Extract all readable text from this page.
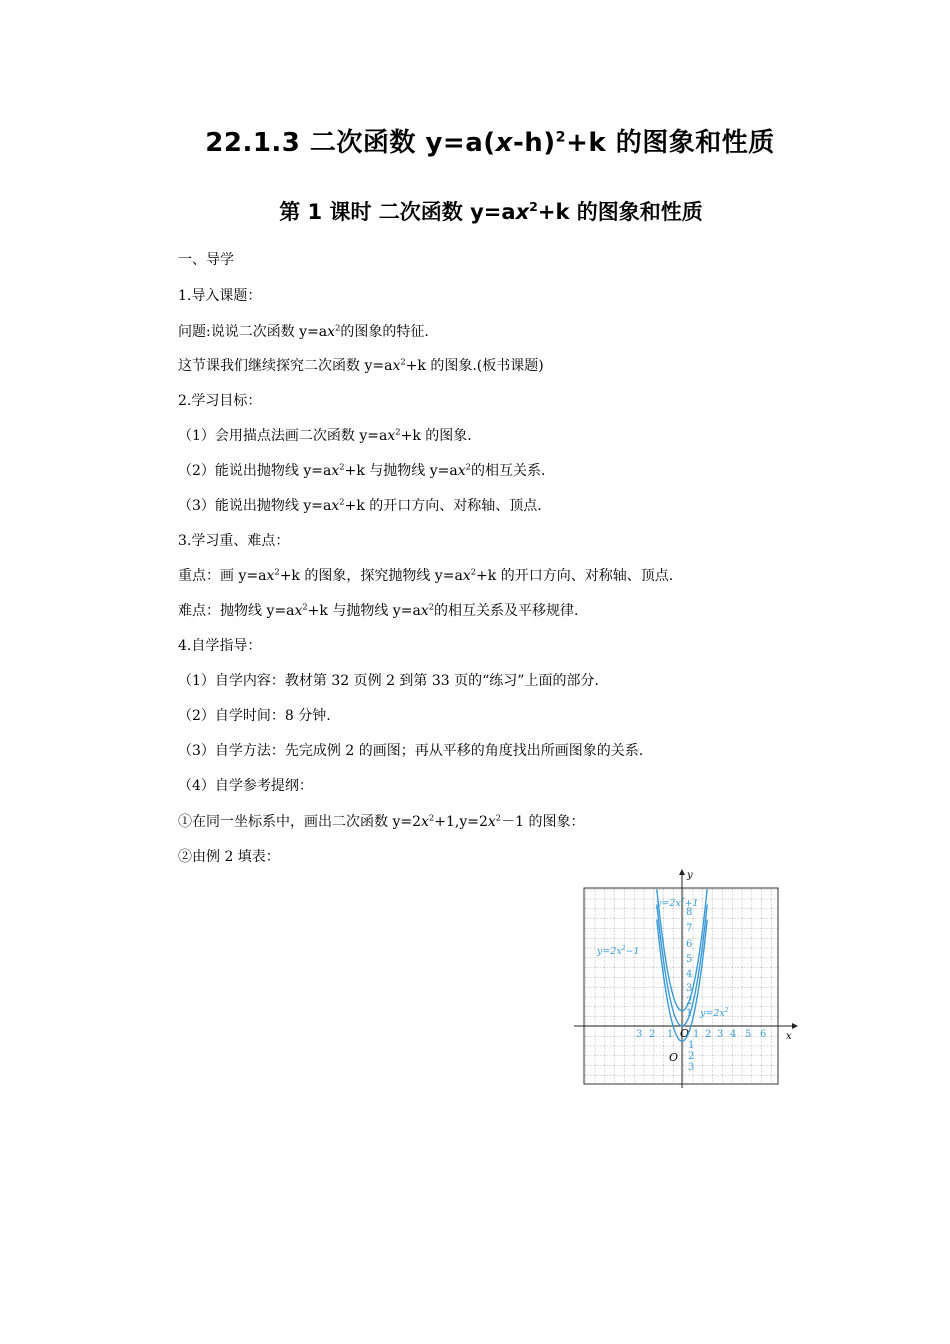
22.1.3 二次函数 $y=a(x-h)^2+k$ 的图象和性质
第 1 课时 二次函数 $y=ax^2+k$ 的图象和性质
一、导学
1.导入课题：
问题:说说二次函数 $y=ax^2$的图象的特征.
这节课我们继续探究二次函数 $y=ax^2+k$ 的图象.(板书课题)
2.学习目标：
（1）会用描点法画二次函数 $y=ax^2+k$ 的图象.
（2）能说出抛物线 $y=ax^2+k$ 与抛物线 $y=ax^2$的相互关系.
（3）能说出抛物线 $y=ax^2+k$ 的开口方向、对称轴、顶点.
3.学习重、难点：
重点：画 $y=ax^2+k$ 的图象，探究抛物线 $y=ax^2+k$ 的开口方向、对称轴、顶点.
难点：抛物线 $y=ax^2+k$ 与抛物线 $y=ax^2$的相互关系及平移规律.
4.自学指导：
（1）自学内容：教材第 32 页例 2 到第 33 页的“练习”上面的部分.
（2）自学时间：8 分钟.
（3）自学方法：先完成例 2 的画图；再从平移的角度找出所画图象的关系.
（4）自学参考提纲：
①在同一坐标系中，画出二次函数 $y=2x^2+1,y=2x^2-1$ 的图象：
②由例 2 填表：
y
x
3 2 1 1 2 3 4 5 6
8
7
6
5
4
3
2
1
1
2
3
O
O
$y=2x^2+1$
$y=2x^2-1$
$y=2x^2$
